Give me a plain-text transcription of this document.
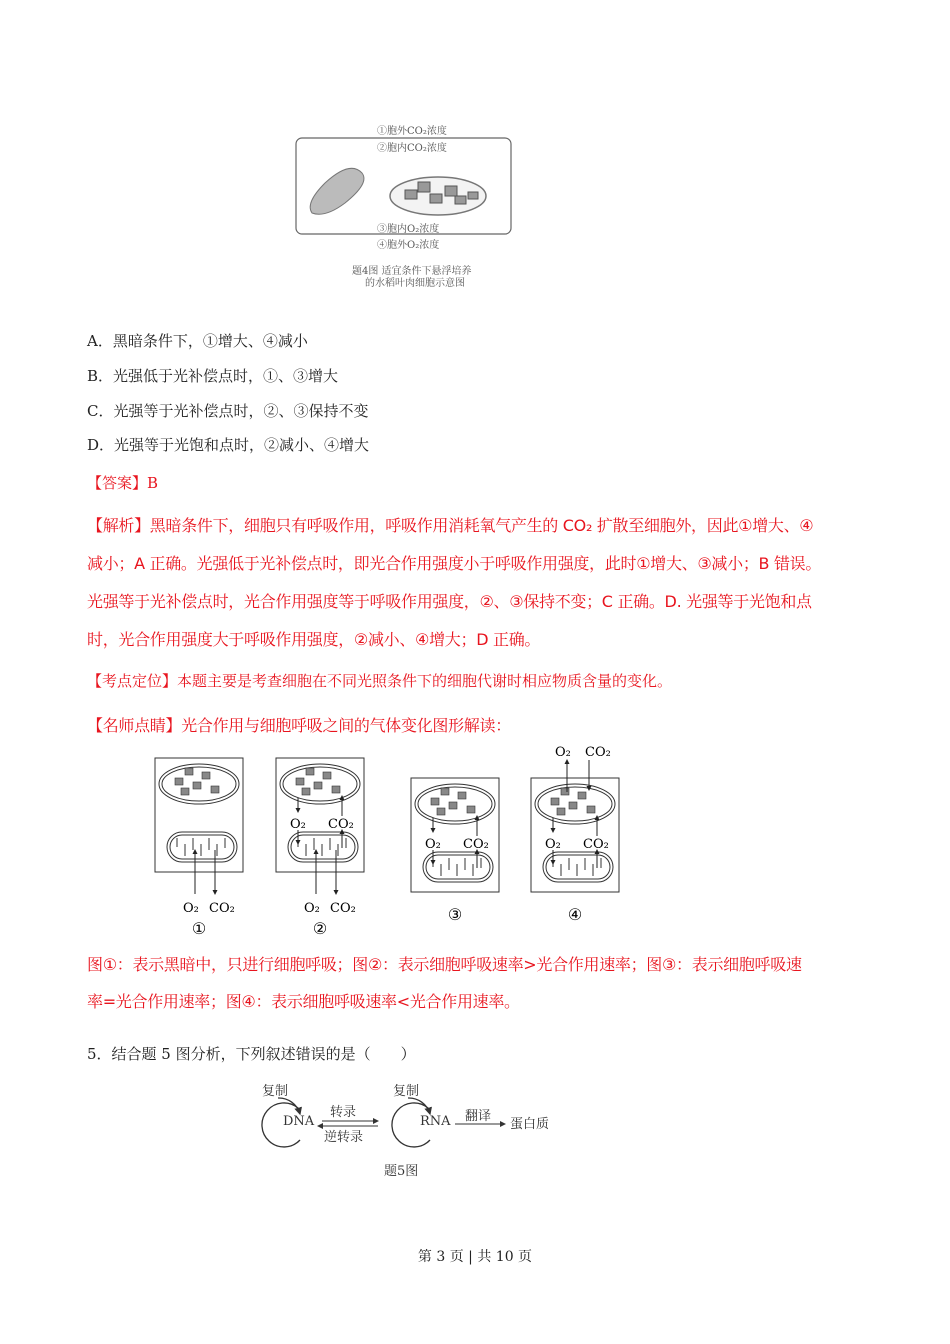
①胞外CO₂浓度
②胞内CO₂浓度
③胞内O₂浓度
④胞外O₂浓度
题4图 适宜条件下悬浮培养
的水稻叶肉细胞示意图
A．黑暗条件下，①增大、④减小
B．光强低于光补偿点时，①、③增大
C．光强等于光补偿点时，②、③保持不变
D．光强等于光饱和点时，②减小、④增大
【答案】B
【解析】黑暗条件下，细胞只有呼吸作用，呼吸作用消耗氧气产生的 CO₂ 扩散至细胞外，因此①增大、④
减小；A 正确。光强低于光补偿点时，即光合作用强度小于呼吸作用强度，此时①增大、③减小；B 错误。
光强等于光补偿点时，光合作用强度等于呼吸作用强度，②、③保持不变；C 正确。D. 光强等于光饱和点
时，光合作用强度大于呼吸作用强度，②减小、④增大；D 正确。
【考点定位】本题主要是考查细胞在不同光照条件下的细胞代谢时相应物质含量的变化。
【名师点睛】光合作用与细胞呼吸之间的气体变化图形解读：
O₂ CO₂
①
O₂ CO₂
O₂ CO₂
②
O₂ CO₂
③
O₂ CO₂
O₂ CO₂
④
图①：表示黑暗中，只进行细胞呼吸；图②：表示细胞呼吸速率>光合作用速率；图③：表示细胞呼吸速
率=光合作用速率；图④：表示细胞呼吸速率<光合作用速率。
5．结合题 5 图分析，下列叙述错误的是（　　）
复制	复制
DNA
转录
逆转录
RNA 翻译
蛋白质
题5图
第 3 页 | 共 10 页
